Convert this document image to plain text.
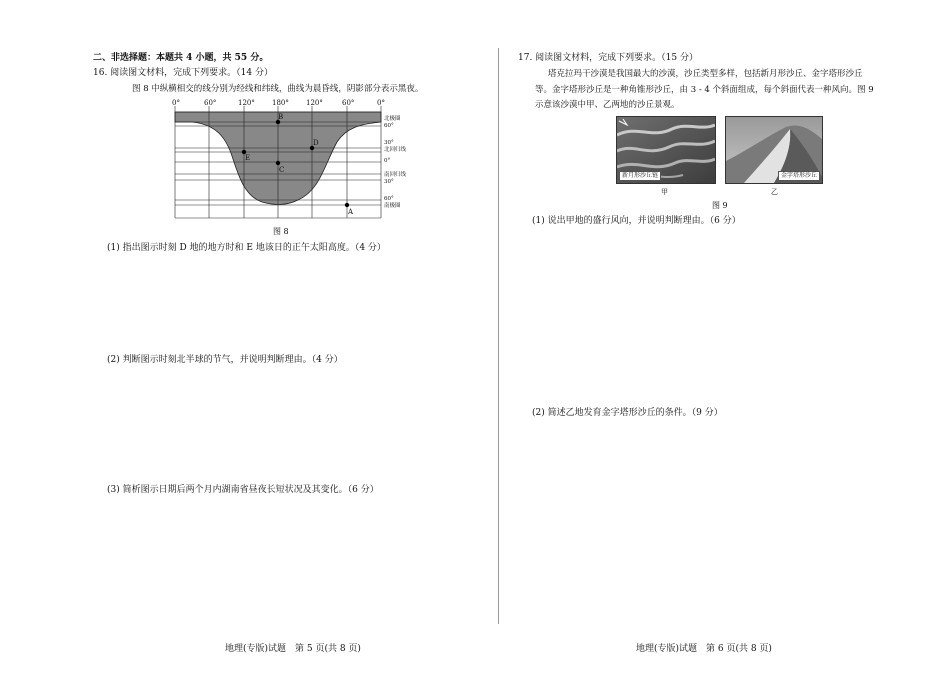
二、非选择题：本题共 4 小题，共 55 分。
16. 阅读图文材料，完成下列要求。（14 分）
图 8 中纵横相交的线分别为经线和纬线，曲线为晨昏线，阴影部分表示黑夜。
0°	60°	120° 180° 120°	60°	0°
B
D
E
C
A
北极圈
60°
30°
北回归线
0°
南回归线
30°
60°
南极圈
图 8
(1) 指出图示时刻 D 地的地方时和 E 地该日的正午太阳高度。（4 分）
(2) 判断图示时刻北半球的节气，并说明判断理由。（4 分）
(3) 简析图示日期后两个月内湖南省昼夜长短状况及其变化。（6 分）
17. 阅读图文材料，完成下列要求。（15 分）
塔克拉玛干沙漠是我国最大的沙漠，沙丘类型多样，包括新月形沙丘、金字塔形沙丘
等。金字塔形沙丘是一种角锥形沙丘，由 3 - 4 个斜面组成，每个斜面代表一种风向。图 9
示意该沙漠中甲、乙两地的沙丘景观。
新月形沙丘链	金字塔形沙丘
甲	乙
图 9
(1) 说出甲地的盛行风向，并说明判断理由。（6 分）
(2) 简述乙地发育金字塔形沙丘的条件。（9 分）
地理(专版)试题　第 5 页(共 8 页)	地理(专版)试题　第 6 页(共 8 页)
